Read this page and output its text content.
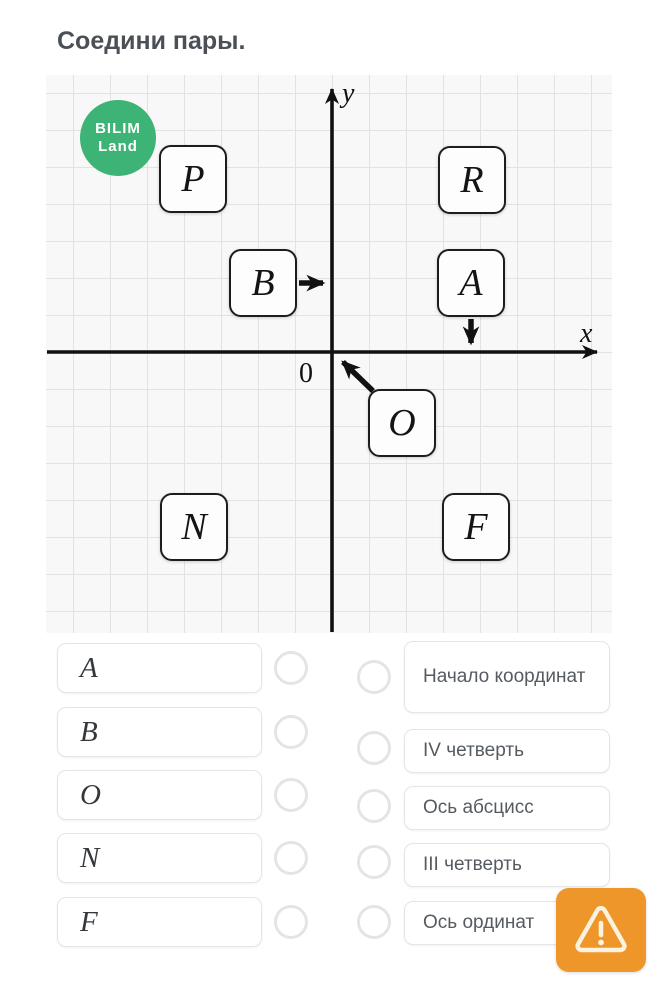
Соедини пары.
y
x
0
BILIM
Land
P	R
B	A
O
N	F
A
B
O
N
F
Начало координат
IV четверть
Ось абсцисс
III четверть
Ось ординат
